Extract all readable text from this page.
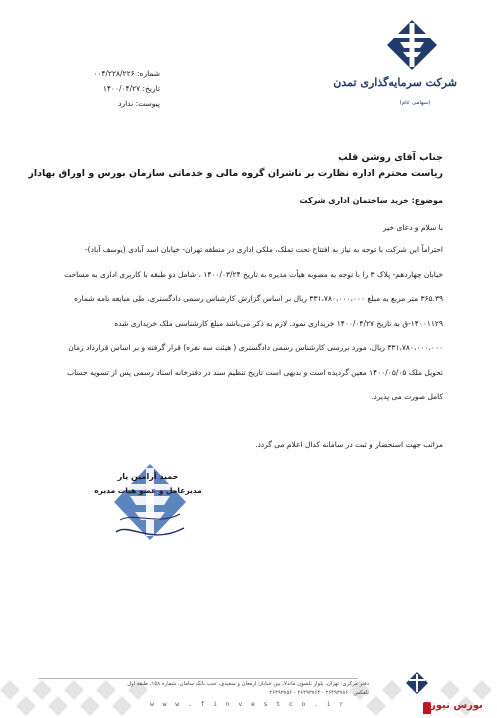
شماره: ۰۰۴/۲۲۸/۲۲۶
تاریخ: ۱۴۰۰/۰۴/۲۷
پیوست: ندارد
شرکت سرمایه‌گذاری تمدن
(سهامی عام)
جناب آقای روشن قلب
ریاست محترم اداره نظارت بر ناشران گروه مالی و خدماتی سازمان بورس و اوراق بهادار
موضوع: خرید ساختمان اداری شرکت
با سلام و دعای خیر
احتراماً این شرکت با توجه به نیاز به افتتاح تحت تملک، ملکی اداری در منطقه تهران- خیابان اسد آبادی (یوسف آباد)-
خیابان چهاردهم- پلاک ۳ را با توجه به مصوبه هیأت مدیره به تاریخ ۱۴۰۰/۰۳/۲۴ ، شامل دو طبقه با کاربری اداری به مساحت
۳۶۵.۳۹ متر مربع به مبلغ ۳۳۱،۷۸۰،۰۰۰،۰۰۰ ریال بر اساس گزارش کارشناس رسمی دادگستری، طی مبایعه نامه شماره
۱۴۰۰۱۱۲۹-ق به تاریخ ۱۴۰۰/۰۴/۲۷ خریداری نمود. لازم به ذکر می‌باشد مبلغ کارشناسی ملک خریداری شده
۳۳۱،۷۸۰،۰۰۰،۰۰۰ ریال، مورد بررسی کارشناس رسمی دادگستری ( هیئت سه نفره) قرار گرفته و بر اساس قرارداد زمان
تحویل ملک ۱۴۰۰/۰۵/۰۵ معین گردیده است و بدیهی است تاریخ تنظیم سند در دفترخانه اسناد رسمی پس از تسویه حساب
کامل صورت می پذیرد.
مراتب جهت استحضار و ثبت در سامانه کدال اعلام می گردد.
حمید آرامین یار
مدیرعامل و عضو هیات مدیره
دفتر مرکزی: تهران، بلوار نلسون ماندلا، بین خیابان ارمغان و سعیدی، جنب بانک سامان، شماره ۱۵۸، طبقه اول
تلفکس : ۲۶۴۹۳۷۸۶ - ۲۶۴۹۳۷۶۴ - ۲۶۴۹۳۷۵۶
w w w . f i n v e s t c o . i r	بورس نیوز
